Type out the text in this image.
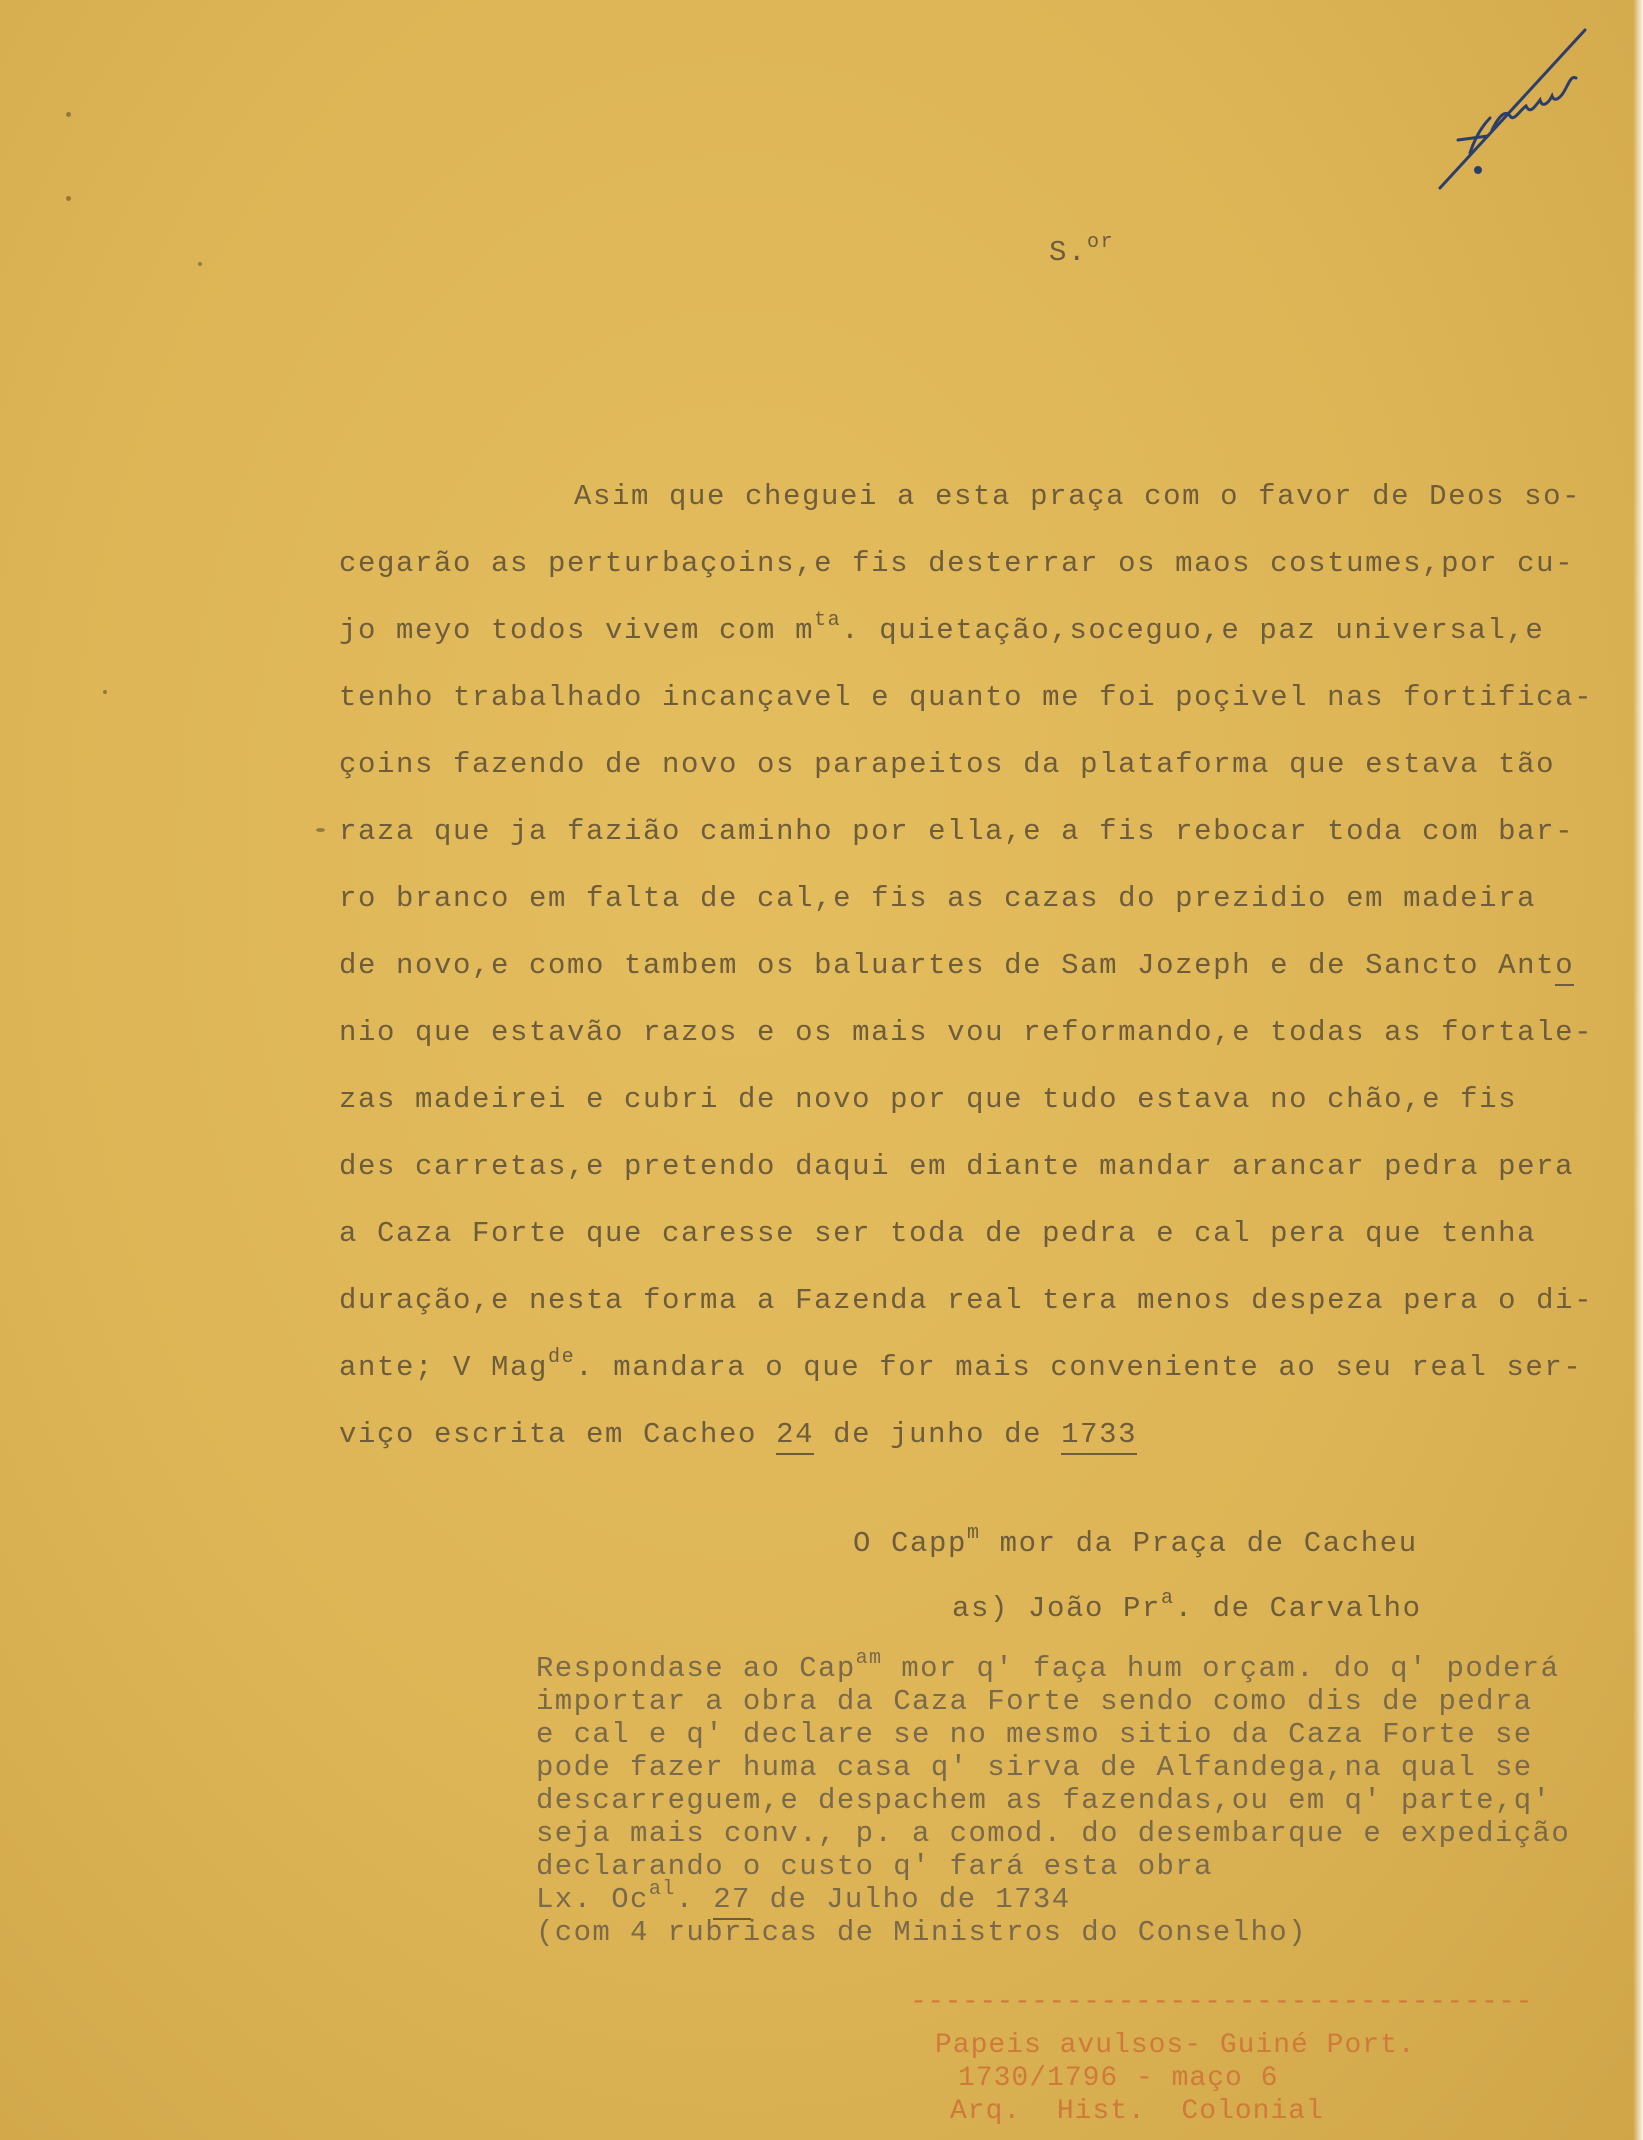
S.$^{or}$
Asim que cheguei a esta praça com o favor de Deos so-
cegarão as perturbaçoins,e fis desterrar os maos costumes,por cu-
jo meyo todos vivem com $m^{ta}$. quietação,soceguo,e paz universal,e
tenho trabalhado incançavel e quanto me foi poçivel nas fortifica-
çoins fazendo de novo os parapeitos da plataforma que estava tão
raza que ja fazião caminho por ella,e a fis rebocar toda com bar-
ro branco em falta de cal,e fis as cazas do prezidio em madeira
de novo,e como tambem os baluartes de Sam Jozeph e de Sancto Anto
nio que estavão razos e os mais vou reformando,e todas as fortale-
zas madeirei e cubri de novo por que tudo estava no chão,e fis
des carretas,e pretendo daqui em diante mandar arancar pedra pera
a Caza Forte que caresse ser toda de pedra e cal pera que tenha
duração,e nesta forma a Fazenda real tera menos despeza pera o di-
ante; V Mag$^{de}$. mandara o que for mais conveniente ao seu real ser-
viço escrita em Cacheo 24 de junho de 1733
O Capp$^m$ mor da Praça de Cacheu
as) João Pr$^a$. de Carvalho
Respondase ao Cap$^{am}$ mor q' faça hum orçam. do q' poderá
importar a obra da Caza Forte sendo como dis de pedra
e cal e q' declare se no mesmo sitio da Caza Forte se
pode fazer huma casa q' sirva de Alfandega,na qual se
descarreguem,e despachem as fazendas,ou em q' parte,q'
seja mais conv., p. a comod. do desembarque e expedição
declarando o custo q' fará esta obra
Lx. $Oc^{al}$. 27 de Julho de 1734
(com 4 rubricas de Ministros do Conselho)
------------------------------------
Papeis avulsos- Guiné Port.
1730/1796 - maço 6
Arq.  Hist.  Colonial
